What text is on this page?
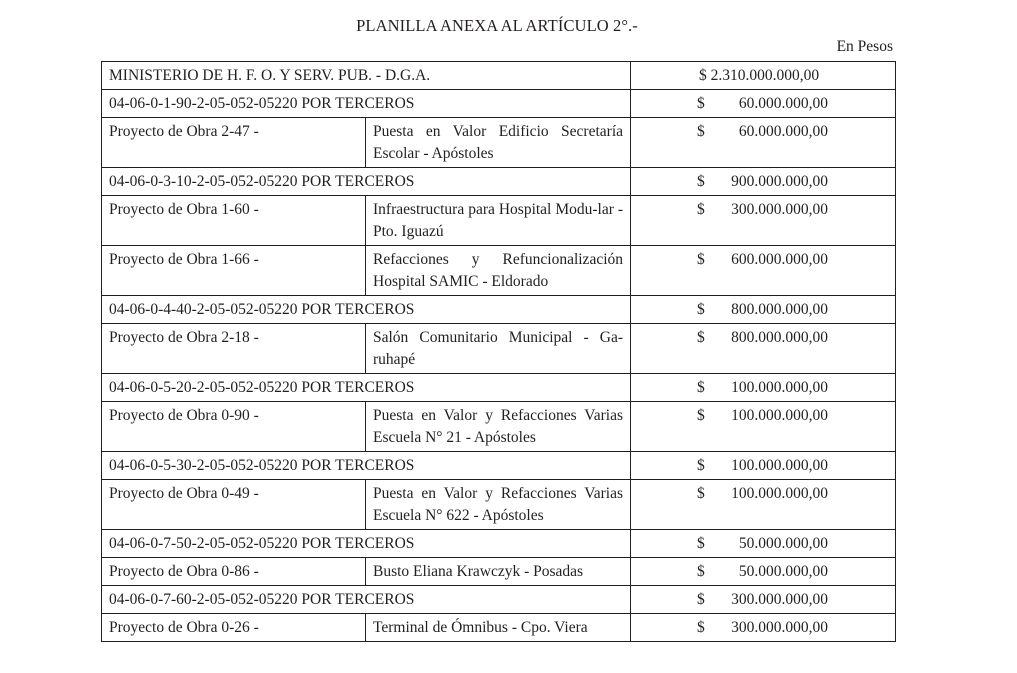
PLANILLA ANEXA AL ARTÍCULO 2°.-
En Pesos
MINISTERIO DE H. F. O. Y SERV. PUB. - D.G.A.		$ 2.310.000.000,00
04-06-0-1-90-2-05-052-05220 POR TERCEROS		$ 60.000.000,00

Proyecto de Obra 2-47 -	Puesta en Valor Edificio Secretaría Escolar - Apóstoles	$ 60.000.000,00

04-06-0-3-10-2-05-052-05220 POR TERCEROS		$ 900.000.000,00

Proyecto de Obra 1-60 -	Infraestructura para Hospital Modu-lar - Pto. Iguazú	$ 300.000.000,00

Proyecto de Obra 1-66 -	Refacciones y Refuncionalización Hospital SAMIC - Eldorado	$ 600.000.000,00

04-06-0-4-40-2-05-052-05220 POR TERCEROS		$ 800.000.000,00

Proyecto de Obra 2-18 -	Salón Comunitario Municipal - Ga-ruhapé	$ 800.000.000,00

04-06-0-5-20-2-05-052-05220 POR TERCEROS		$ 100.000.000,00

Proyecto de Obra 0-90 -	Puesta en Valor y Refacciones Varias Escuela N° 21 - Apóstoles	$ 100.000.000,00

04-06-0-5-30-2-05-052-05220 POR TERCEROS		$ 100.000.000,00

Proyecto de Obra 0-49 -	Puesta en Valor y Refacciones Varias Escuela N° 622 - Apóstoles	$ 100.000.000,00

04-06-0-7-50-2-05-052-05220 POR TERCEROS		$ 50.000.000,00

Proyecto de Obra 0-86 -	Busto Eliana Krawczyk - Posadas	$ 50.000.000,00

04-06-0-7-60-2-05-052-05220 POR TERCEROS		$ 300.000.000,00

Proyecto de Obra 0-26 -	Terminal de Ómnibus - Cpo. Viera	$ 300.000.000,00
